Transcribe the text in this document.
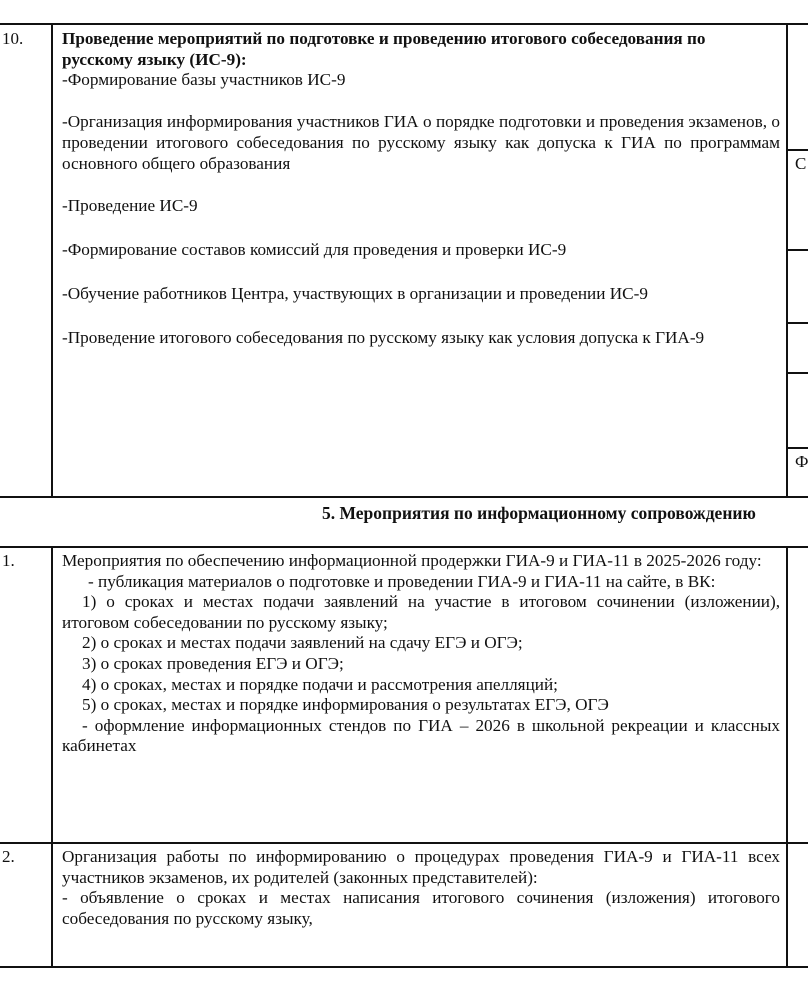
10. Проведение мероприятий по подготовке и проведению итогового собеседования по русскому языку (ИС-9):

-Формирование базы участников ИС-9

-Организация информирования участников ГИА о порядке подготовки и проведения экзаменов, о проведении итогового собеседования по русскому языку как допуска к ГИА по программам основного общего образования

-Проведение ИС-9

-Формирование составов комиссий для проведения и проверки ИС-9

-Обучение работников Центра, участвующих в организации и проведении ИС-9

-Проведение итогового собеседования по русскому языку как условия допуска к ГИА-9

С
Ф
5. Мероприятия по информационному сопровождению
1.	Мероприятия по обеспечению информационной продержки ГИА-9 и ГИА-11 в 2025-2026 году:

- публикация материалов о подготовке и проведении ГИА-9 и ГИА-11 на сайте, в ВК:

1) о сроках и местах подачи заявлений на участие в итоговом сочинении (изложении), итоговом собеседовании по русскому языку;

2) о сроках и местах подачи заявлений на сдачу ЕГЭ и ОГЭ;

3) о сроках проведения ЕГЭ и ОГЭ;

4) о сроках, местах и порядке подачи и рассмотрения апелляций;

5) о сроках, местах и порядке информирования о результатах ЕГЭ, ОГЭ

- оформление информационных стендов по ГИА – 2026 в школьной рекреации и классных кабинетах

2.	Организация работы по информированию о процедурах проведения ГИА-9 и ГИА-11 всех участников экзаменов, их родителей (законных представителей):

- объявление о сроках и местах написания итогового сочинения (изложения) итогового собеседования по русскому языку,
